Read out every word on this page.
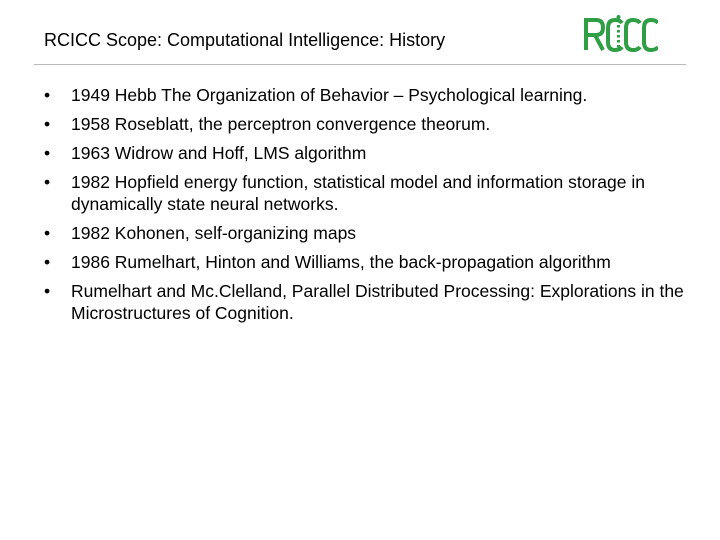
RCICC Scope: Computational Intelligence: History
•	1949 Hebb The Organization of Behavior – Psychological learning.
•	1958 Roseblatt, the perceptron convergence theorum.
•	1963 Widrow and Hoff, LMS algorithm
•	1982 Hopfield energy function, statistical model and information storage in dynamically state neural networks.
•	1982 Kohonen, self-organizing maps
•	1986 Rumelhart, Hinton and Williams, the back-propagation algorithm
•	Rumelhart and Mc.Clelland, Parallel Distributed Processing: Explorations in the Microstructures of Cognition.
